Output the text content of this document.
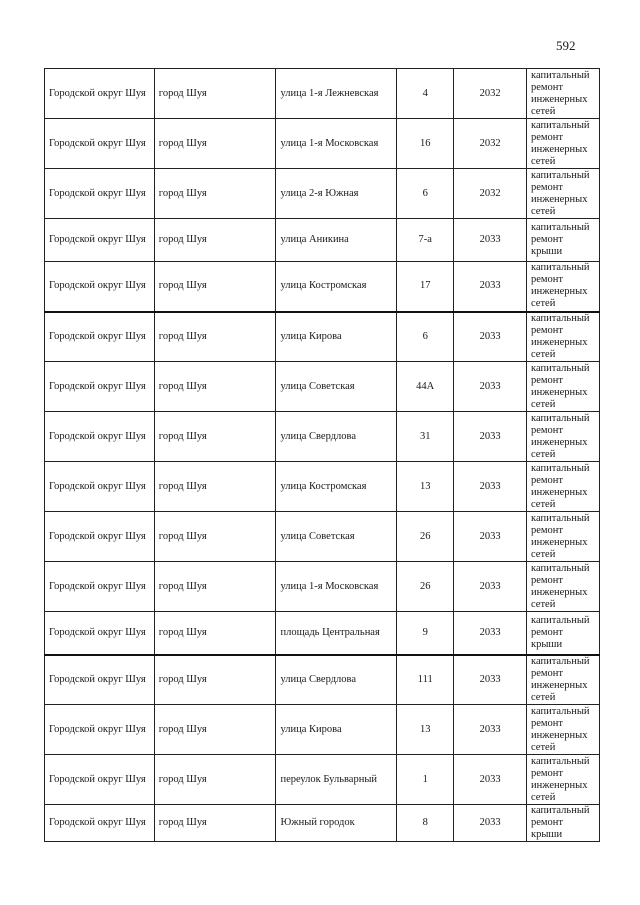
592
Городской округ Шуя	город Шуя	улица 1-я Лежневская	4	2032	капитальный ремонт инженерных сетей
Городской округ Шуя	город Шуя	улица 1-я Московская	16	2032	капитальный ремонт инженерных сетей
Городской округ Шуя	город Шуя	улица 2-я Южная	6	2032	капитальный ремонт инженерных сетей
Городской округ Шуя	город Шуя	улица Аникина	7-а	2033	капитальный ремонт крыши
Городской округ Шуя	город Шуя	улица Костромская	17	2033	капитальный ремонт инженерных сетей
Городской округ Шуя	город Шуя	улица Кирова	6	2033	капитальный ремонт инженерных сетей
Городской округ Шуя	город Шуя	улица Советская	44А	2033	капитальный ремонт инженерных сетей
Городской округ Шуя	город Шуя	улица Свердлова	31	2033	капитальный ремонт инженерных сетей
Городской округ Шуя	город Шуя	улица Костромская	13	2033	капитальный ремонт инженерных сетей
Городской округ Шуя	город Шуя	улица Советская	26	2033	капитальный ремонт инженерных сетей
Городской округ Шуя	город Шуя	улица 1-я Московская	26	2033	капитальный ремонт инженерных сетей
Городской округ Шуя	город Шуя	площадь Центральная	9	2033	капитальный ремонт крыши
Городской округ Шуя	город Шуя	улица Свердлова	111	2033	капитальный ремонт инженерных сетей
Городской округ Шуя	город Шуя	улица Кирова	13	2033	капитальный ремонт инженерных сетей
Городской округ Шуя	город Шуя	переулок Бульварный	1	2033	капитальный ремонт инженерных сетей
Городской округ Шуя	город Шуя	Южный городок	8	2033	капитальный ремонт крыши
